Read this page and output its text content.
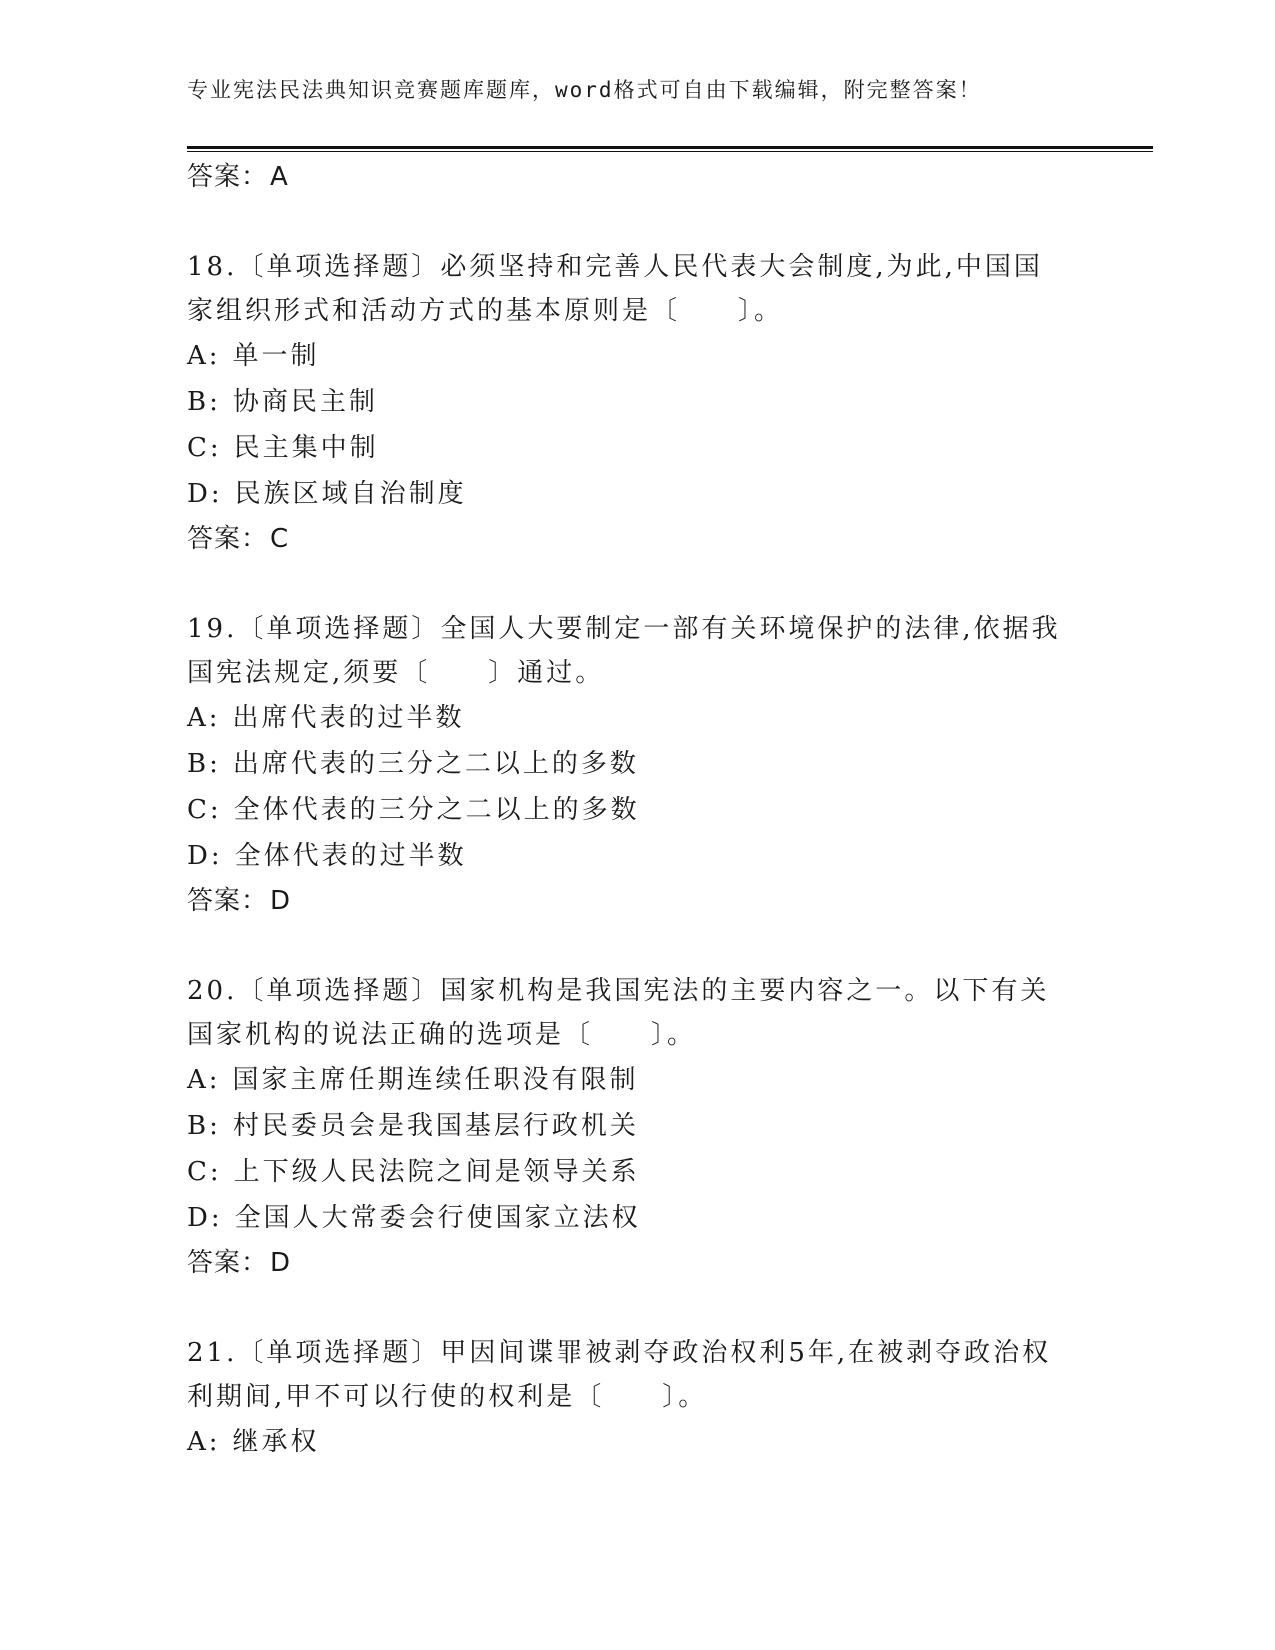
专业宪法民法典知识竞赛题库题库，word格式可自由下载编辑，附完整答案！
答案：A
18.〔单项选择题〕必须坚持和完善人民代表大会制度,为此,中国国家组织形式和活动方式的基本原则是〔　　〕。
A: 单一制
B: 协商民主制
C: 民主集中制
D: 民族区域自治制度
答案：C
19.〔单项选择题〕全国人大要制定一部有关环境保护的法律,依据我国宪法规定,须要〔　　〕通过。
A: 出席代表的过半数
B: 出席代表的三分之二以上的多数
C: 全体代表的三分之二以上的多数
D: 全体代表的过半数
答案：D
20.〔单项选择题〕国家机构是我国宪法的主要内容之一。以下有关国家机构的说法正确的选项是〔　　〕。
A: 国家主席任期连续任职没有限制
B: 村民委员会是我国基层行政机关
C: 上下级人民法院之间是领导关系
D: 全国人大常委会行使国家立法权
答案：D
21.〔单项选择题〕甲因间谍罪被剥夺政治权利5年,在被剥夺政治权利期间,甲不可以行使的权利是〔　　〕。
A: 继承权
